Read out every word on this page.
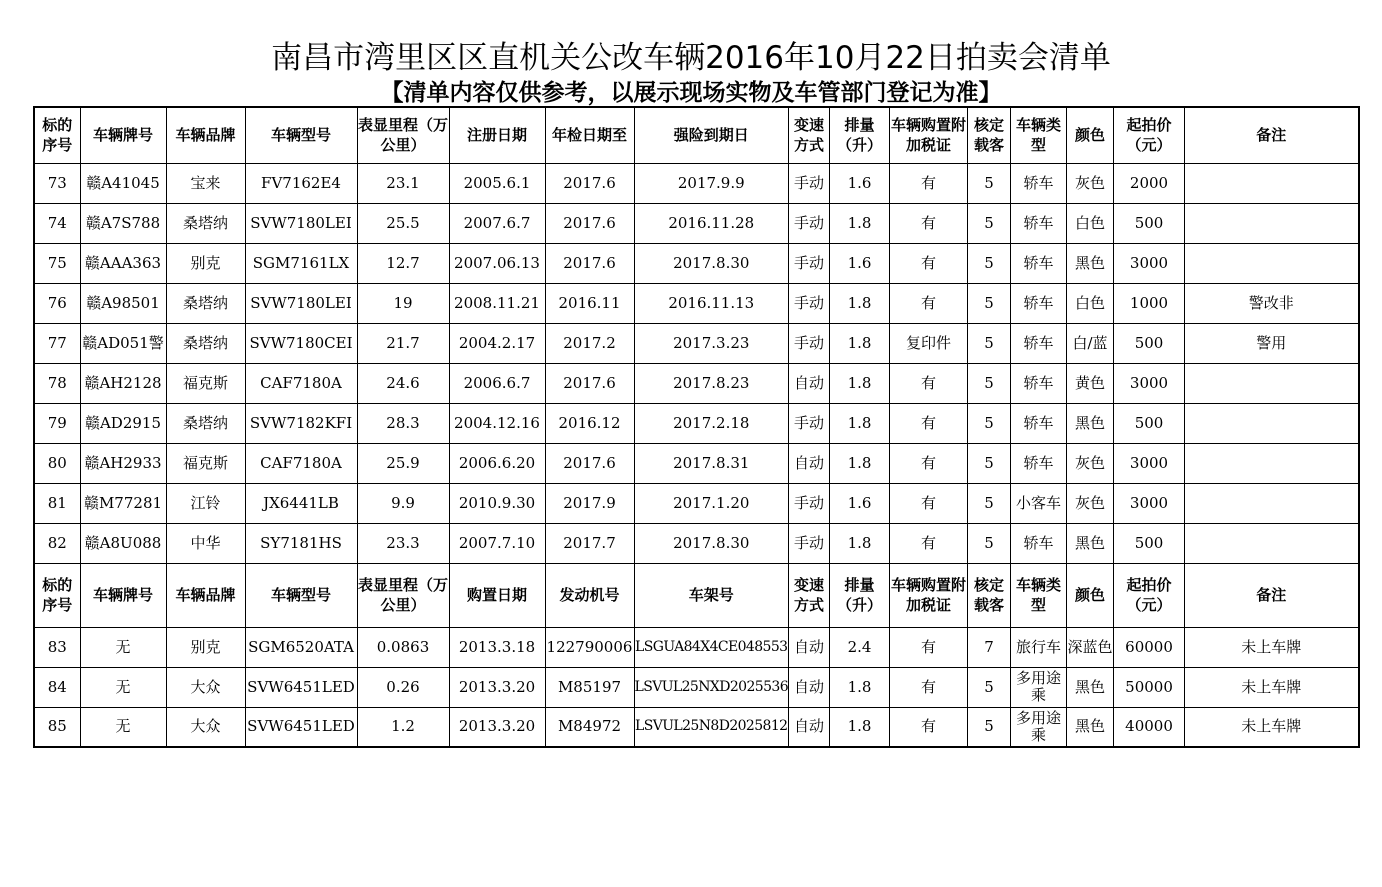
南昌市湾里区区直机关公改车辆2016年10月22日拍卖会清单
【清单内容仅供参考，以展示现场实物及车管部门登记为准】
标的序号	车辆牌号	车辆品牌	车辆型号	表显里程（万公里）	注册日期	年检日期至	强险到期日	变速方式	排量（升）	车辆购置附加税证	核定载客	车辆类型	颜色	起拍价（元）	备注
73	赣A41045	宝来	FV7162E4	23.1	2005.6.1	2017.6	2017.9.9	手动	1.6	有	5	轿车	灰色	2000	
74	赣A7S788	桑塔纳	SVW7180LEI	25.5	2007.6.7	2017.6	2016.11.28	手动	1.8	有	5	轿车	白色	500	
75	赣AAA363	别克	SGM7161LX	12.7	2007.06.13	2017.6	2017.8.30	手动	1.6	有	5	轿车	黑色	3000	
76	赣A98501	桑塔纳	SVW7180LEI	19	2008.11.21	2016.11	2016.11.13	手动	1.8	有	5	轿车	白色	1000	警改非
77	赣AD051警	桑塔纳	SVW7180CEI	21.7	2004.2.17	2017.2	2017.3.23	手动	1.8	复印件	5	轿车	白/蓝	500	警用
78	赣AH2128	福克斯	CAF7180A	24.6	2006.6.7	2017.6	2017.8.23	自动	1.8	有	5	轿车	黄色	3000	
79	赣AD2915	桑塔纳	SVW7182KFI	28.3	2004.12.16	2016.12	2017.2.18	手动	1.8	有	5	轿车	黑色	500	
80	赣AH2933	福克斯	CAF7180A	25.9	2006.6.20	2017.6	2017.8.31	自动	1.8	有	5	轿车	灰色	3000	
81	赣M77281	江铃	JX6441LB	9.9	2010.9.30	2017.9	2017.1.20	手动	1.6	有	5	小客车	灰色	3000	
82	赣A8U088	中华	SY7181HS	23.3	2007.7.10	2017.7	2017.8.30	手动	1.8	有	5	轿车	黑色	500	
标的序号	车辆牌号	车辆品牌	车辆型号	表显里程（万公里）	购置日期	发动机号	车架号	变速方式	排量（升）	车辆购置附加税证	核定载客	车辆类型	颜色	起拍价（元）	备注
83	无	别克	SGM6520ATA	0.0863	2013.3.18	122790006	LSGUA84X4CE048553	自动	2.4	有	7	旅行车	深蓝色	60000	未上车牌
84	无	大众	SVW6451LED	0.26	2013.3.20	M85197	LSVUL25NXD2025536	自动	1.8	有	5	多用途乘	黑色	50000	未上车牌
85	无	大众	SVW6451LED	1.2	2013.3.20	M84972	LSVUL25N8D2025812	自动	1.8	有	5	多用途乘	黑色	40000	未上车牌
